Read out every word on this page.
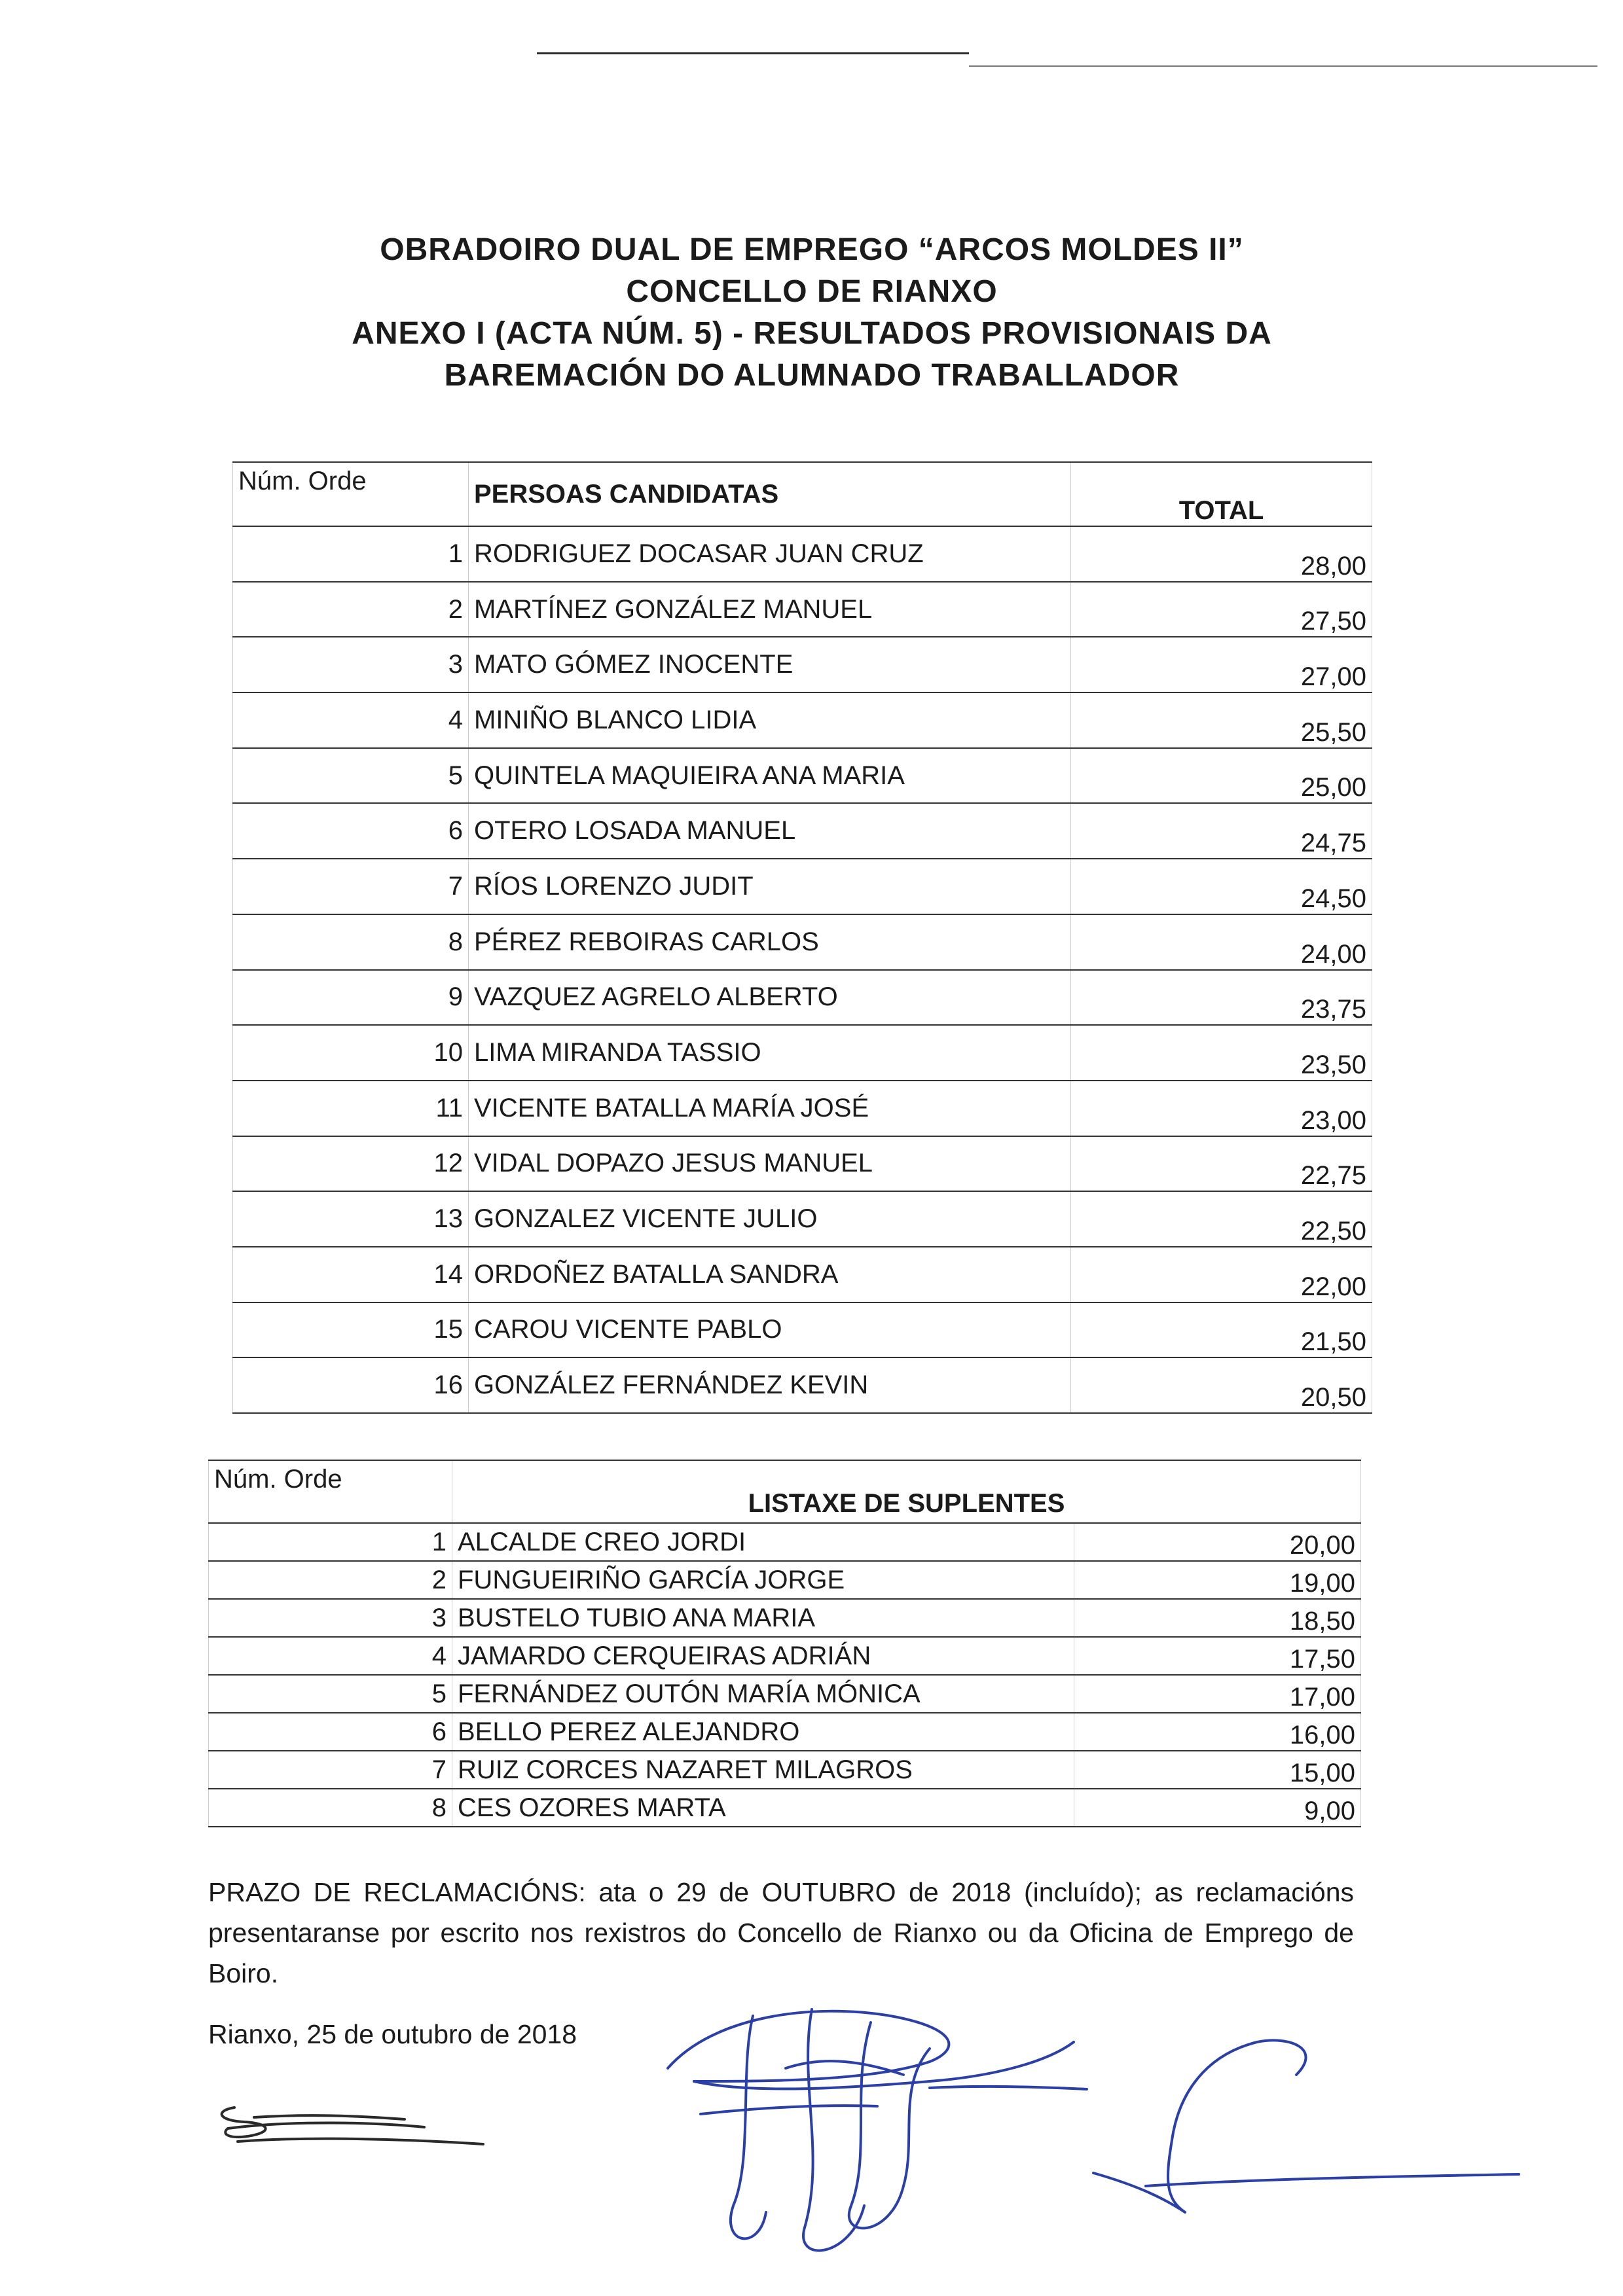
OBRADOIRO DUAL DE EMPREGO “ARCOS MOLDES II”
CONCELLO DE RIANXO
ANEXO I (ACTA NÚM. 5) - RESULTADOS PROVISIONAIS DA
BAREMACIÓN DO ALUMNADO TRABALLADOR
Núm. Orde	PERSOAS CANDIDATAS	TOTAL
1	RODRIGUEZ DOCASAR JUAN CRUZ	28,00
2	MARTÍNEZ GONZÁLEZ MANUEL	27,50
3	MATO GÓMEZ INOCENTE	27,00
4	MINIÑO BLANCO LIDIA	25,50
5	QUINTELA MAQUIEIRA ANA MARIA	25,00
6	OTERO LOSADA MANUEL	24,75
7	RÍOS LORENZO JUDIT	24,50
8	PÉREZ REBOIRAS CARLOS	24,00
9	VAZQUEZ AGRELO ALBERTO	23,75
10	LIMA MIRANDA TASSIO	23,50
11	VICENTE BATALLA MARÍA JOSÉ	23,00
12	VIDAL DOPAZO JESUS MANUEL	22,75
13	GONZALEZ VICENTE JULIO	22,50
14	ORDOÑEZ BATALLA SANDRA	22,00
15	CAROU VICENTE PABLO	21,50
16	GONZÁLEZ FERNÁNDEZ KEVIN	20,50
Núm. Orde	LISTAXE DE SUPLENTES	
1	ALCALDE CREO JORDI	20,00
2	FUNGUEIRIÑO GARCÍA JORGE	19,00
3	BUSTELO TUBIO ANA MARIA	18,50
4	JAMARDO CERQUEIRAS ADRIÁN	17,50
5	FERNÁNDEZ OUTÓN MARÍA MÓNICA	17,00
6	BELLO PEREZ ALEJANDRO	16,00
7	RUIZ CORCES NAZARET MILAGROS	15,00
8	CES OZORES MARTA	9,00
PRAZO DE RECLAMACIÓNS: ata o 29 de OUTUBRO de 2018 (incluído); as reclamacións presentaranse por escrito nos rexistros do Concello de Rianxo ou da Oficina de Emprego de Boiro.
Rianxo, 25 de outubro de 2018
